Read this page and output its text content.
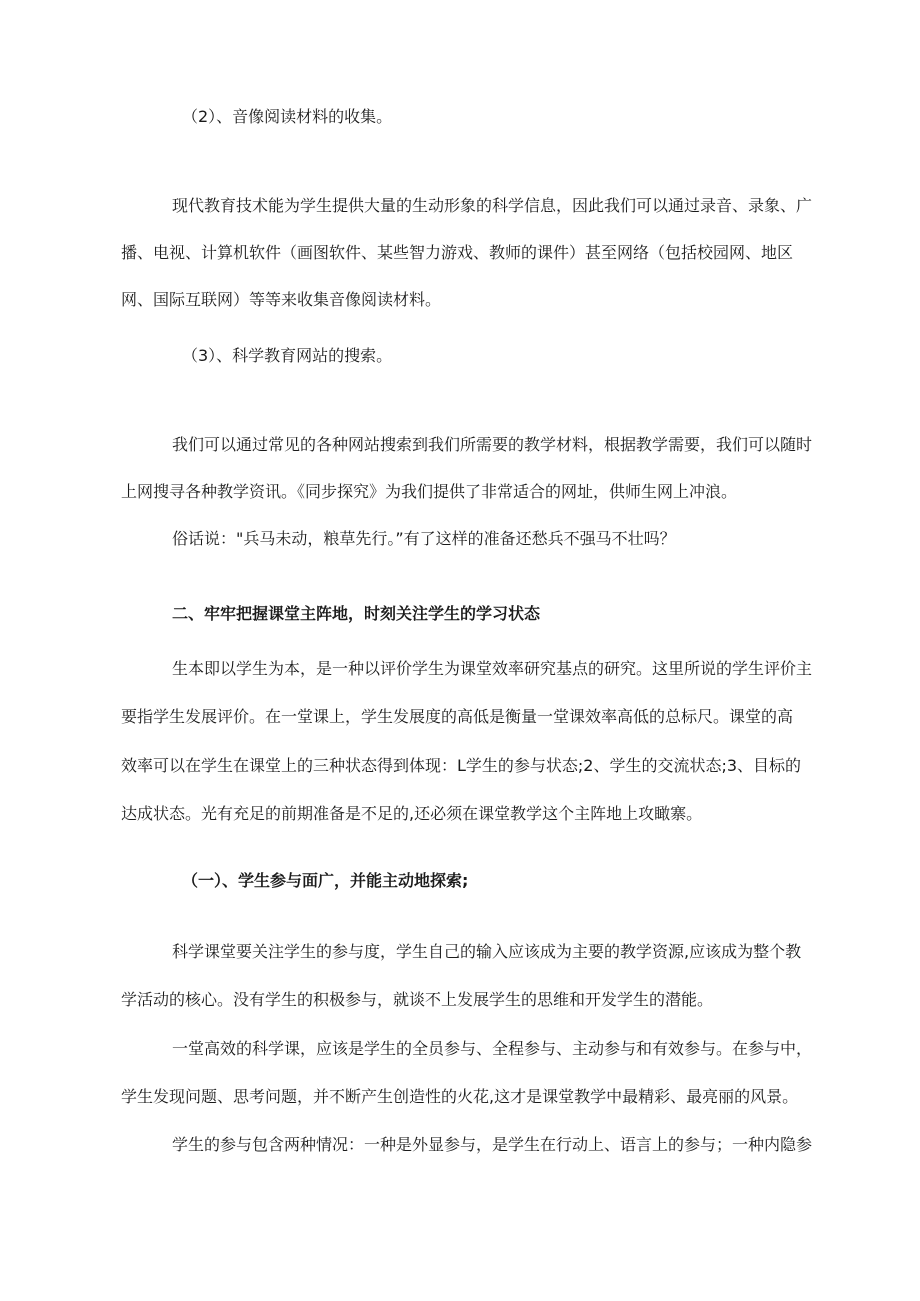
（2）、音像阅读材料的收集。

现代教育技术能为学生提供大量的生动形象的科学信息，因此我们可以通过录音、录象、广

播、电视、计算机软件（画图软件、某些智力游戏、教师的课件）甚至网络（包括校园网、地区

网、国际互联网）等等来收集音像阅读材料。

（3）、科学教育网站的搜索。

我们可以通过常见的各种网站搜索到我们所需要的教学材料，根据教学需要，我们可以随时

上网搜寻各种教学资讯。《同步探究》为我们提供了非常适合的网址，供师生网上冲浪。

俗话说："兵马未动，粮草先行。”有了这样的准备还愁兵不强马不壮吗？

二、牢牢把握课堂主阵地，时刻关注学生的学习状态

生本即以学生为本，是一种以评价学生为课堂效率研究基点的研究。这里所说的学生评价主

要指学生发展评价。在一堂课上，学生发展度的高低是衡量一堂课效率高低的总标尺。课堂的高

效率可以在学生在课堂上的三种状态得到体现：L学生的参与状态;2、学生的交流状态;3、目标的

达成状态。光有充足的前期准备是不足的,还必须在课堂教学这个主阵地上攻瞰寨。

（一）、学生参与面广，并能主动地探索;

科学课堂要关注学生的参与度，学生自己的输入应该成为主要的教学资源,应该成为整个教

学活动的核心。没有学生的积极参与，就谈不上发展学生的思维和开发学生的潜能。

一堂高效的科学课，应该是学生的全员参与、全程参与、主动参与和有效参与。在参与中，

学生发现问题、思考问题，并不断产生创造性的火花,这才是课堂教学中最精彩、最亮丽的风景。

学生的参与包含两种情况：一种是外显参与，是学生在行动上、语言上的参与；一种内隐参
